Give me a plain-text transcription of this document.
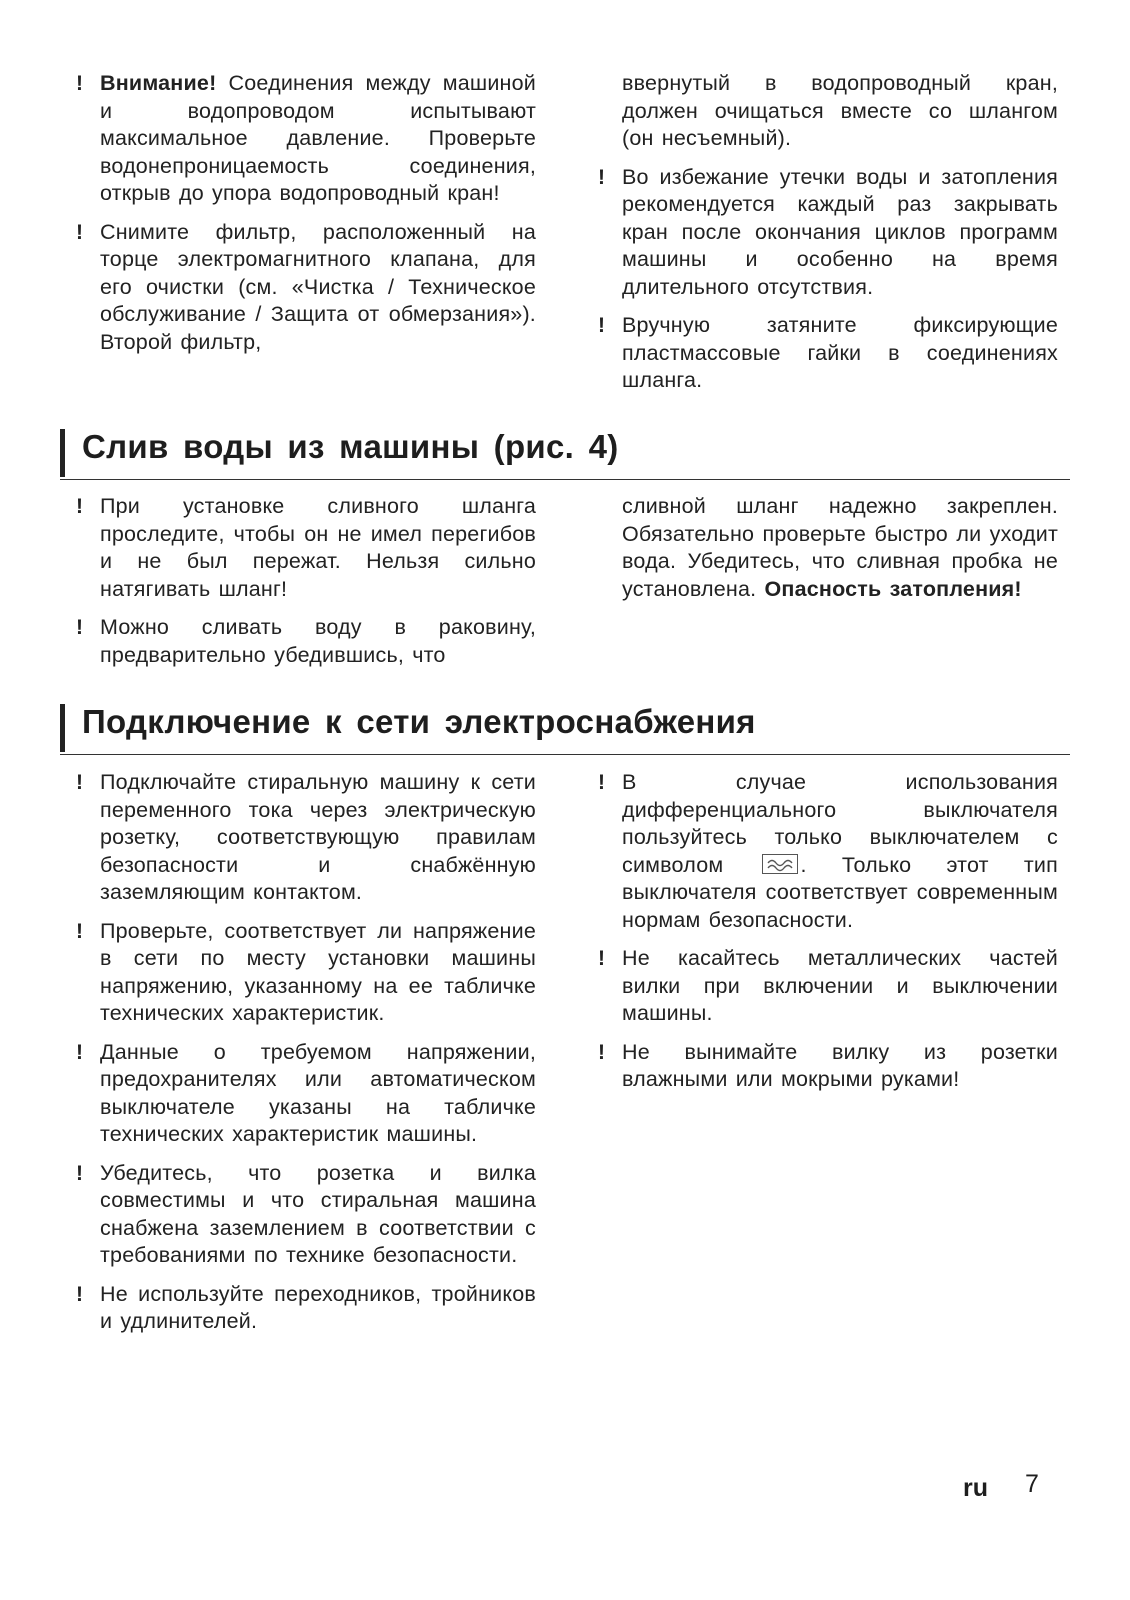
! Внимание! Соединения между машиной и водопроводом испытывают максимальное давление. Проверьте водонепроницаемость соединения, открыв до упора водопроводный кран!
! Снимите фильтр, расположенный на торце электромагнитного клапана, для его очистки (см. «Чистка / Техническое обслуживание / Защита от обмерзания»). Второй фильтр,
ввернутый в водопроводный кран, должен очищаться вместе со шлангом (он несъемный).
! Во избежание утечки воды и затопления рекомендуется каждый раз закрывать кран после окончания циклов программ машины и особенно на время длительного отсутствия.
! Вручную затяните фиксирующие пластмассовые гайки в соединениях шланга.
Слив воды из машины (рис. 4)
! При установке сливного шланга проследите, чтобы он не имел перегибов и не был пережат. Нельзя сильно натягивать шланг!
! Можно сливать воду в раковину, предварительно убедившись, что
сливной шланг надежно закреплен. Обязательно проверьте быстро ли уходит вода. Убедитесь, что сливная пробка не установлена. Опасность затопления!
Подключение к сети электроснабжения
! Подключайте стиральную машину к сети переменного тока через электрическую розетку, соответствующую правилам безопасности и снабжённую заземляющим контактом.
! Проверьте, соответствует ли напряжение в сети по месту установки машины напряжению, указанному на ее табличке технических характеристик.
! Данные о требуемом напряжении, предохранителях или автоматическом выключателе указаны на табличке технических характеристик машины.
! Убедитесь, что розетка и вилка совместимы и что стиральная машина снабжена заземлением в соответствии с требованиями по технике безопасности.
! Не используйте переходников, тройников и удлинителей.
! В случае использования дифференциального выключателя пользуйтесь только выключателем с символом
. Только этот тип выключателя соответствует современным нормам безопасности.
! Не касайтесь металлических частей вилки при включении и выключении машины.
! Не вынимайте вилку из розетки влажными или мокрыми руками!
ru 7
